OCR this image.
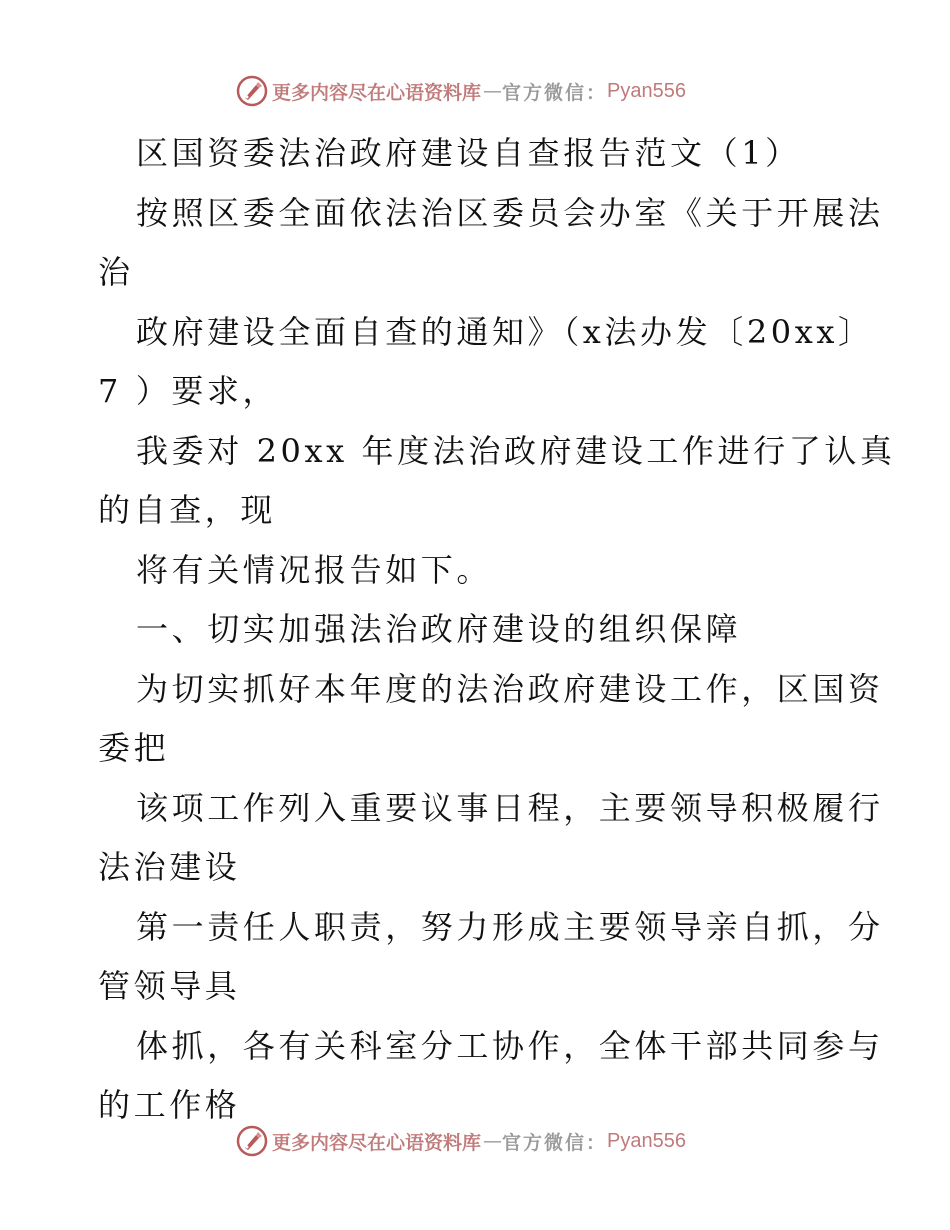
更多内容尽在心语资料库 — 官方微信： Pyan556
区国资委法治政府建设自查报告范文（1）
按照区委全面依法治区委员会办室《关于开展法
治
政府建设全面自查的通知》（x法办发〔20xx〕
7 ）要求，
我委对 20xx 年度法治政府建设工作进行了认真
的自查，现
将有关情况报告如下。
一、切实加强法治政府建设的组织保障
为切实抓好本年度的法治政府建设工作，区国资
委把
该项工作列入重要议事日程，主要领导积极履行
法治建设
第一责任人职责，努力形成主要领导亲自抓，分
管领导具
体抓，各有关科室分工协作，全体干部共同参与
的工作格
更多内容尽在心语资料库 — 官方微信： Pyan556
